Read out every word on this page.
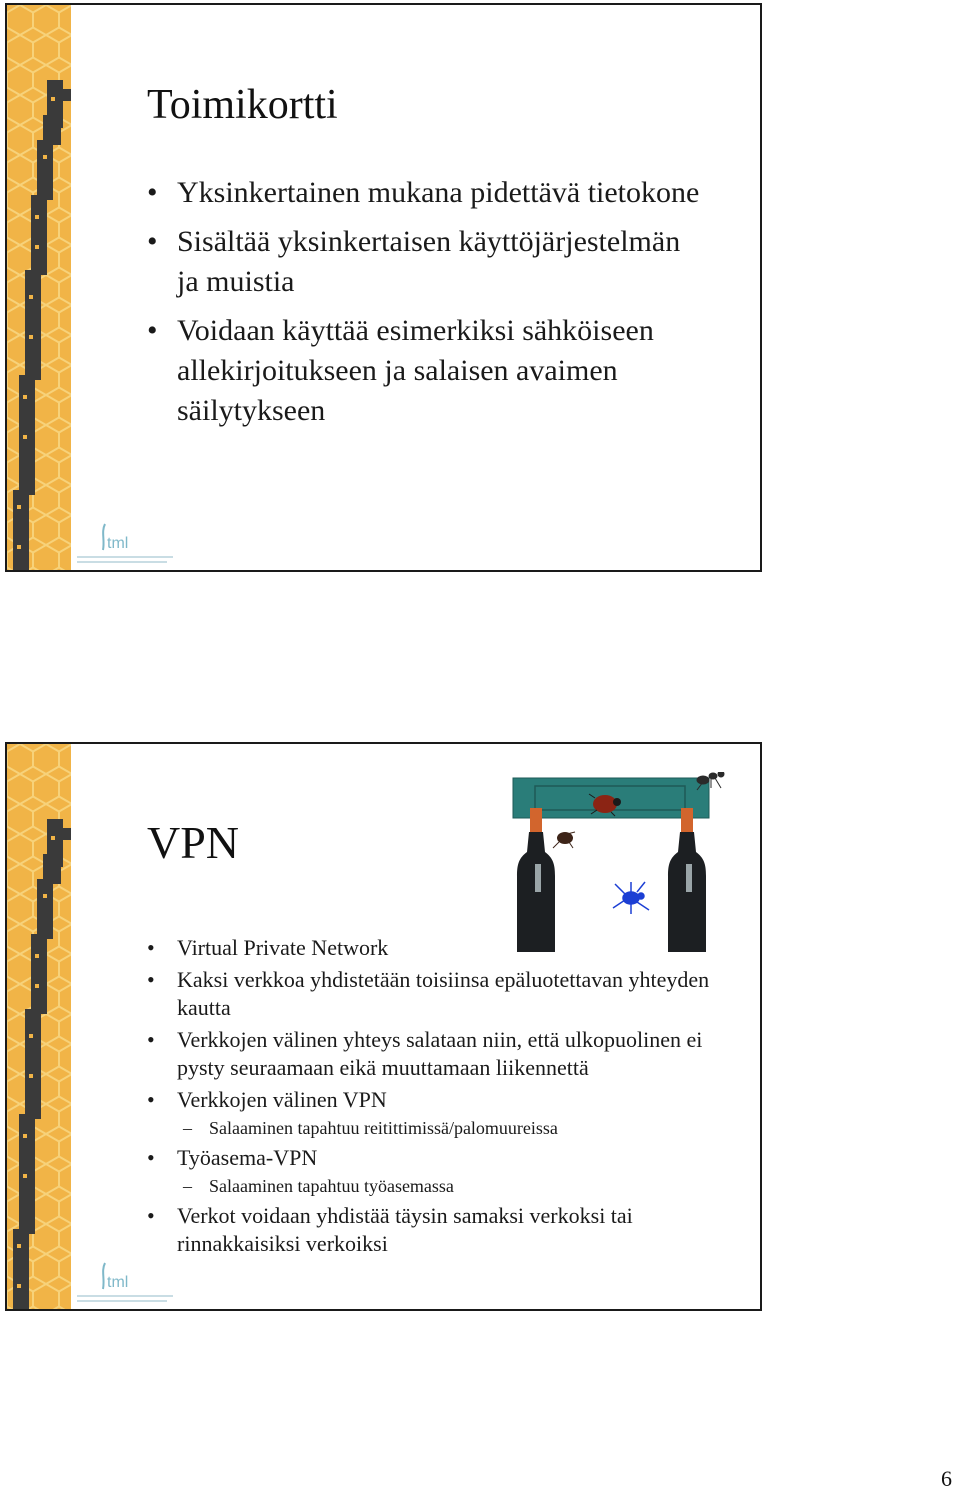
tml
Toimikortti
• Yksinkertainen mukana pidettävä tietokone
• Sisältää yksinkertaisen käyttöjärjestelmän ja muistia
• Voidaan käyttää esimerkiksi sähköiseen allekirjoitukseen ja salaisen avaimen säilytykseen
tml
VPN
• Virtual Private Network
• Kaksi verkkoa yhdistetään toisiinsa epäluotettavan yhteyden kautta
• Verkkojen välinen yhteys salataan niin, että ulkopuolinen ei pysty seuraamaan eikä muuttamaan liikennettä
• Verkkojen välinen VPN
– Salaaminen tapahtuu reitittimissä/palomuureissa
• Työasema-VPN
– Salaaminen tapahtuu työasemassa
• Verkot voidaan yhdistää täysin samaksi verkoksi tai rinnakkaisiksi verkoiksi
6
